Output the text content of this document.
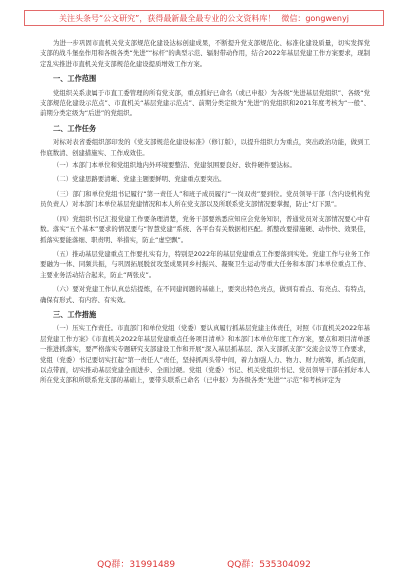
关注头条号“公文研究”，获得最新最全最专业的公文资料库！ 微信：gongwenyj

为进一步巩固市直机关党支部规范化建设达标创建成果，不断提升党支部规范化、标准化建设质量，切实发挥党支部的战斗堡垒作用和各级各类“先进”“标杆”的典型示范、辐射带动作用，结合2022年基层党建工作方案要求，现制定乱实推进市直机关党支部规范化建设提质增效工作方案。

一、工作范围

党组织关系隶属于市直工委管理的所有党支部，重点抓好已命名（或已申报）为各级“先进基层党组织”、各级“党支部规范化建设示范点”、市直机关“基层党建示范点”、前期分类定级为“先进”的党组织和2021年度考核为“一般”、前期分类定级为“后进”的党组织。

二、工作任务

对标对表省委组织部印发的《党支部规范化建设标准》（修订版），以提升组织力为重点，突出政治功能，做到工作底数清、创建措施实、工作成效佳。

（一）本部门本单位和党组织地内外环境要整洁、党建氛围要良好、软件硬件要达标。

（二）党建思路要清晰、党建主题要鲜明、党建重点要突出。

（三）部门和单位党组书记履行“第一责任人”和班子成员履行“一岗双责”要到位。党员领导干部（含内设机构党员负责人）对本部门本单位基层党建情况和本人所在党支部以及所联系党支部情况要掌握，防止“灯下黑”。

（四）党组织书记汇报党建工作要条理清楚，党务干部要熟悉应知应会党务知识，普通党员对支部情况要心中有数。落实“五个基本”要求的情况要与“智慧党建”系统、各平台有关数据相匹配。抓整改要措施硬、动作快、效果佳，抓落实要能落细、职责明、举措实，防止“虚空飘”。

（五）推动基层党建重点工作要扎实有力，特别是2022年的基层党建重点工作要落到实处。党建工作与业务工作要融为一体、同频共振，与巩固拓展脱贫攻坚成果同乡村振兴、凝聚卫生运动等重大任务和本部门本单位重点工作、主要业务活动结合起来，防止“两张皮”。

（六）要对党建工作认真总结提炼，在不同建间题的基础上，要突出特色亮点，做到有看点、有亮点、有特点，确保有形式、有内容、有实效。

三、工作措施

（一）压实工作责任。市直部门和单位党组（党委）要认真履行抓基层党建主体责任，对照《市直机关2022年基层党建工作方案》《市直机关2022年基层党建重点任务项目清单》和本部门本单位年度工作方案，要点和项目清单逐一推进抓落实，要严格落实专题研究支部建设工作和开展“深入基层抓基层、深入支部抓支部”交流会议等工作要求，党组（党委）书记要切实扛起“第一责任人”责任，坚持抓两头带中间，着力加强人力、物力、财力统筹，抓点促面，以点带面，切实推动基层党建全面进步、全面过硬。党组（党委）书记、机关党组织书记、党员领导干部在抓好本人所在党支部和所联系党支部的基础上，要带头联系已命名（已申报）为各级各类“先进”“示范”和考核评定为

QQ群：31991489	QQ群：535304092
